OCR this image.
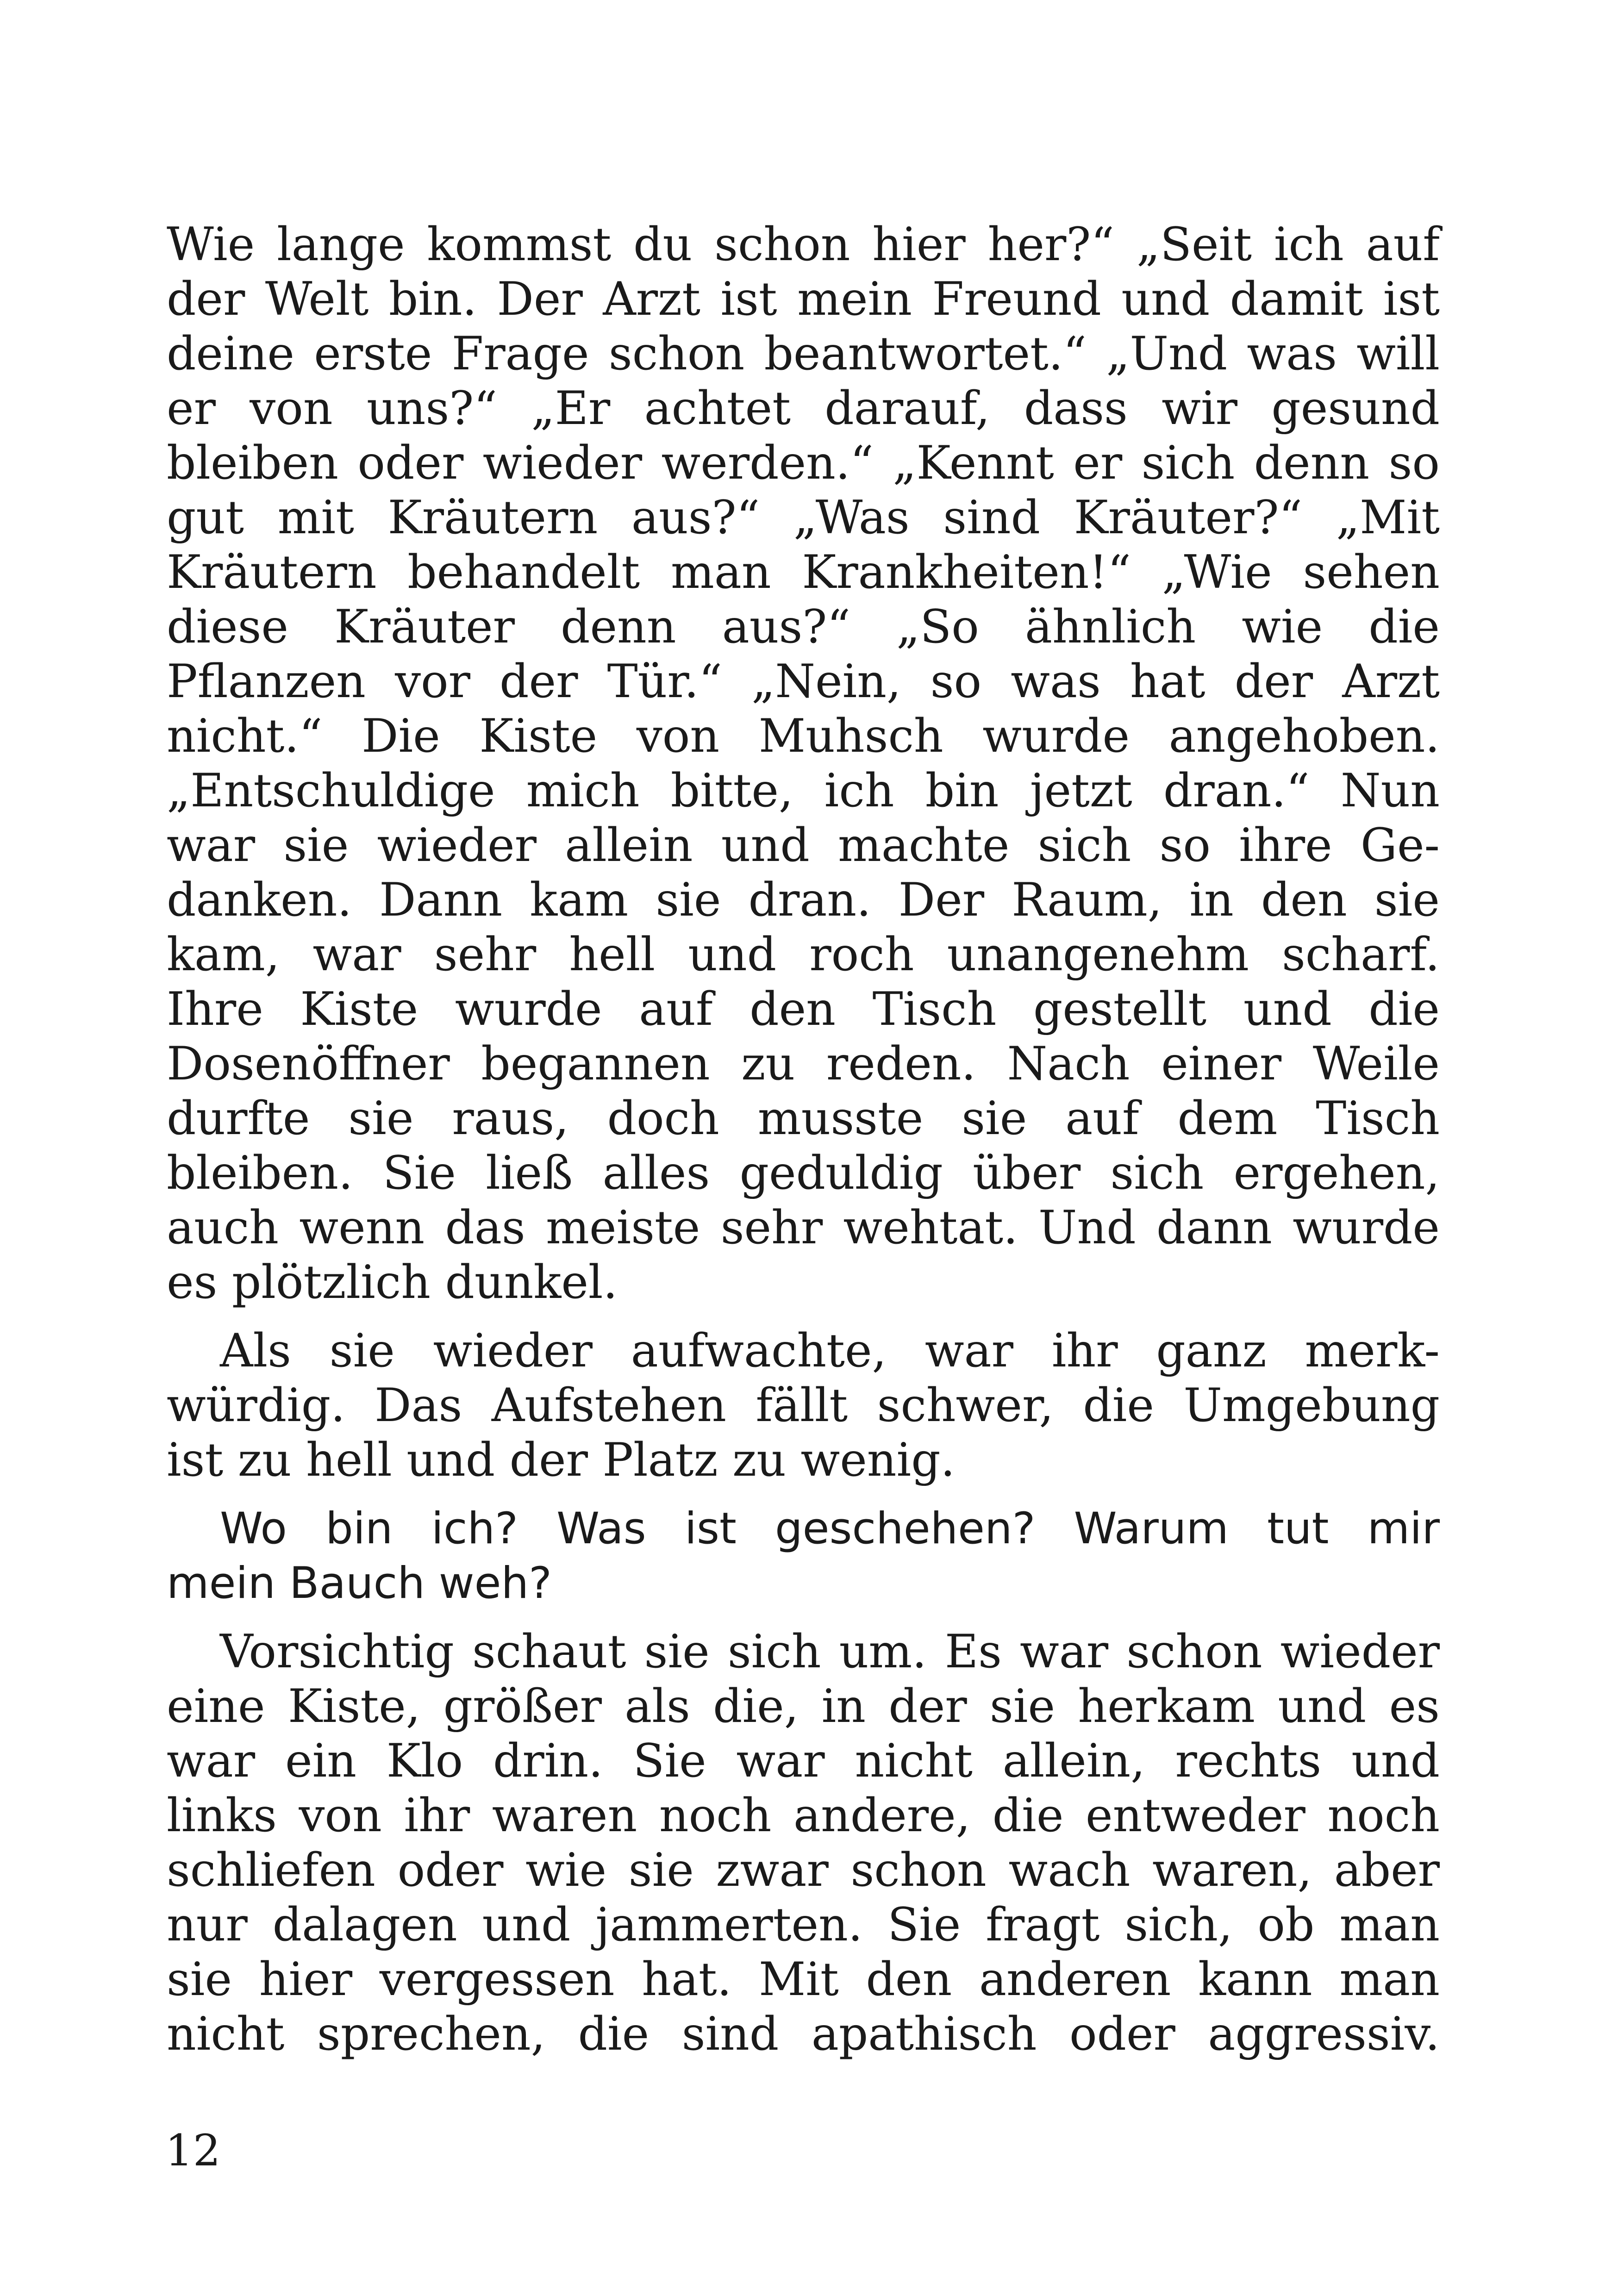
Wie lange kommst du schon hier her?“ „Seit ich auf
der Welt bin. Der Arzt ist mein Freund und damit ist
deine erste Frage schon beantwortet.“ „Und was will
er von uns?“ „Er achtet darauf, dass wir gesund
bleiben oder wieder werden.“ „Kennt er sich denn so
gut mit Kräutern aus?“ „Was sind Kräuter?“ „Mit
Kräutern behandelt man Krankheiten!“ „Wie sehen
diese Kräuter denn aus?“ „So ähnlich wie die
Pflanzen vor der Tür.“ „Nein, so was hat der Arzt
nicht.“ Die Kiste von Muhsch wurde angehoben.
„Entschuldige mich bitte, ich bin jetzt dran.“ Nun
war sie wieder allein und machte sich so ihre Ge-
danken. Dann kam sie dran. Der Raum, in den sie
kam, war sehr hell und roch unangenehm scharf.
Ihre Kiste wurde auf den Tisch gestellt und die
Dosenöffner begannen zu reden. Nach einer Weile
durfte sie raus, doch musste sie auf dem Tisch
bleiben. Sie ließ alles geduldig über sich ergehen,
auch wenn das meiste sehr wehtat. Und dann wurde
es plötzlich dunkel.
Als sie wieder aufwachte, war ihr ganz merk-
würdig. Das Aufstehen fällt schwer, die Umgebung
ist zu hell und der Platz zu wenig.
Wo bin ich? Was ist geschehen? Warum tut mir
mein Bauch weh?
Vorsichtig schaut sie sich um. Es war schon wieder
eine Kiste, größer als die, in der sie herkam und es
war ein Klo drin. Sie war nicht allein, rechts und
links von ihr waren noch andere, die entweder noch
schliefen oder wie sie zwar schon wach waren, aber
nur dalagen und jammerten. Sie fragt sich, ob man
sie hier vergessen hat. Mit den anderen kann man
nicht sprechen, die sind apathisch oder aggressiv.
12
